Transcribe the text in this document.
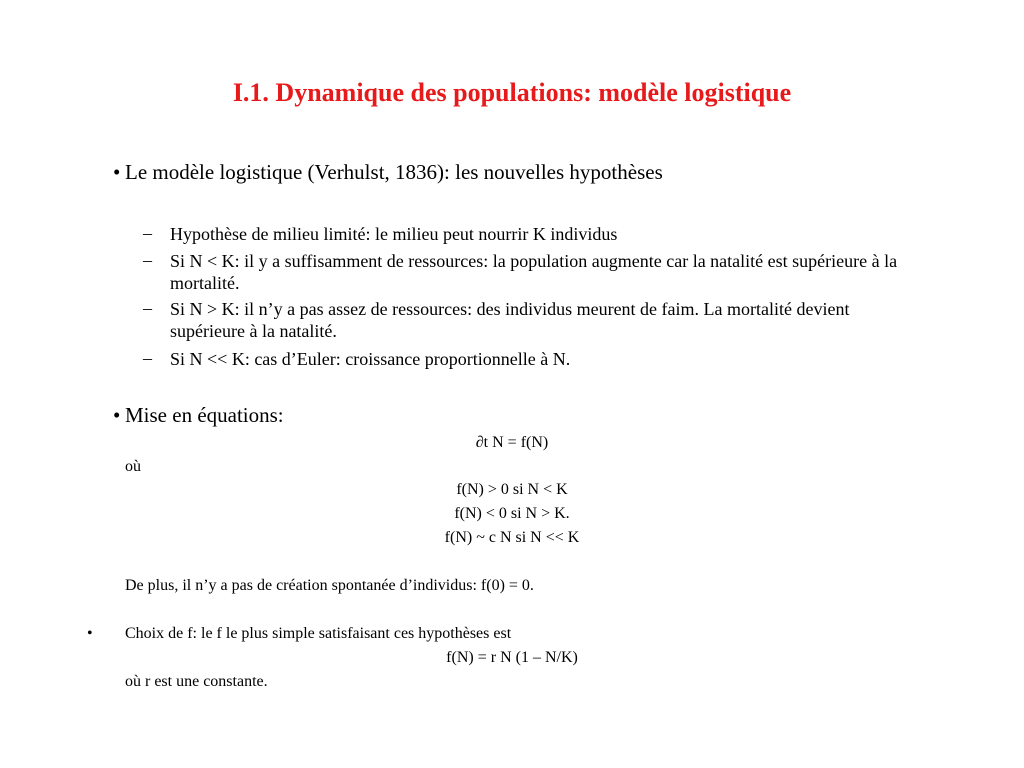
I.1. Dynamique des populations: modèle logistique
• Le modèle logistique (Verhulst, 1836): les nouvelles hypothèses
– Hypothèse de milieu limité: le milieu peut nourrir K individus
– Si N < K: il y a suffisamment de ressources: la population augmente car la natalité est supérieure à la mortalité.
– Si N > K: il n’y a pas assez de ressources: des individus meurent de faim. La mortalité devient supérieure à la natalité.
– Si N << K: cas d’Euler: croissance proportionnelle à N.
• Mise en équations:
∂t N = f(N)
où
f(N) > 0 si N < K
f(N) < 0 si N > K.
f(N) ~ c N si N << K
De plus, il n’y a pas de création spontanée d’individus: f(0) = 0.
• Choix de f: le f le plus simple satisfaisant ces hypothèses est
f(N) = r N (1 – N/K)
où r est une constante.
